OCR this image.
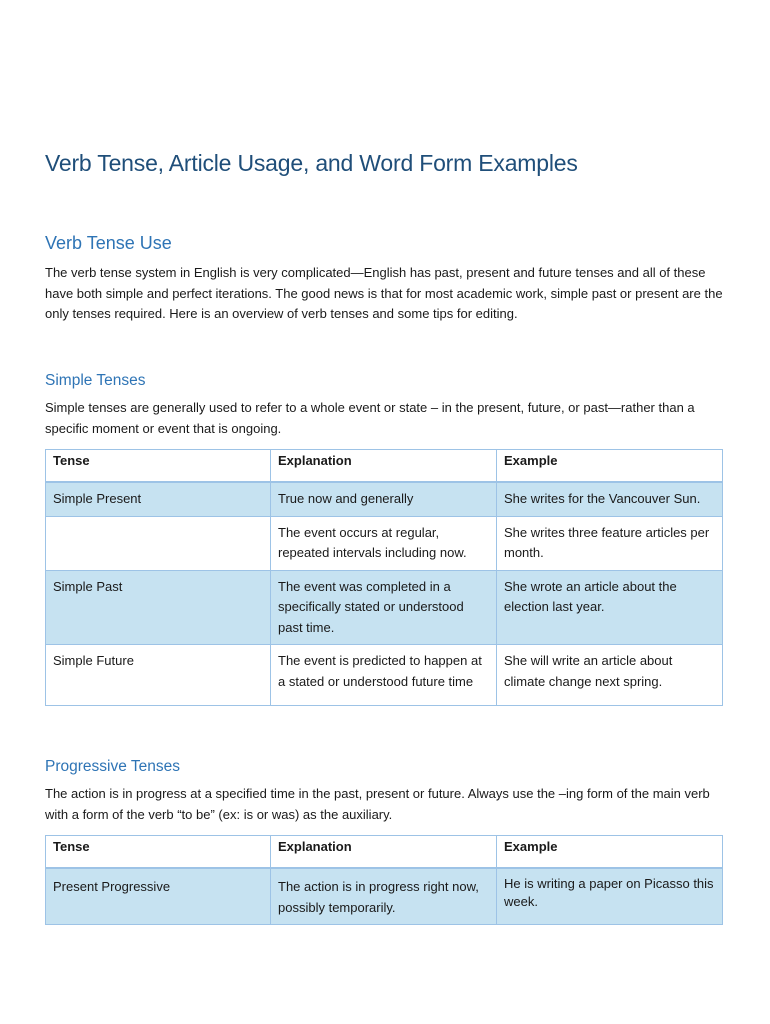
Verb Tense, Article Usage, and Word Form Examples
Verb Tense Use

The verb tense system in English is very complicated—English has past, present and future tenses and all of these have both simple and perfect iterations. The good news is that for most academic work, simple past or present are the only tenses required. Here is an overview of verb tenses and some tips for editing.

Simple Tenses

Simple tenses are generally used to refer to a whole event or state – in the present, future, or past—rather than a specific moment or event that is ongoing.

Tense	Explanation	Example
Simple Present	True now and generally	She writes for the Vancouver Sun.
	The event occurs at regular, repeated intervals including now.	She writes three feature articles per month.
Simple Past	The event was completed in a specifically stated or understood past time.	She wrote an article about the election last year.
Simple Future	The event is predicted to happen at a stated or understood future time	She will write an article about climate change next spring.
Progressive Tenses

The action is in progress at a specified time in the past, present or future. Always use the –ing form of the main verb with a form of the verb “to be” (ex: is or was) as the auxiliary.

Tense	Explanation	Example
Present Progressive	The action is in progress right now, possibly temporarily.	He is writing a paper on Picasso this week.
